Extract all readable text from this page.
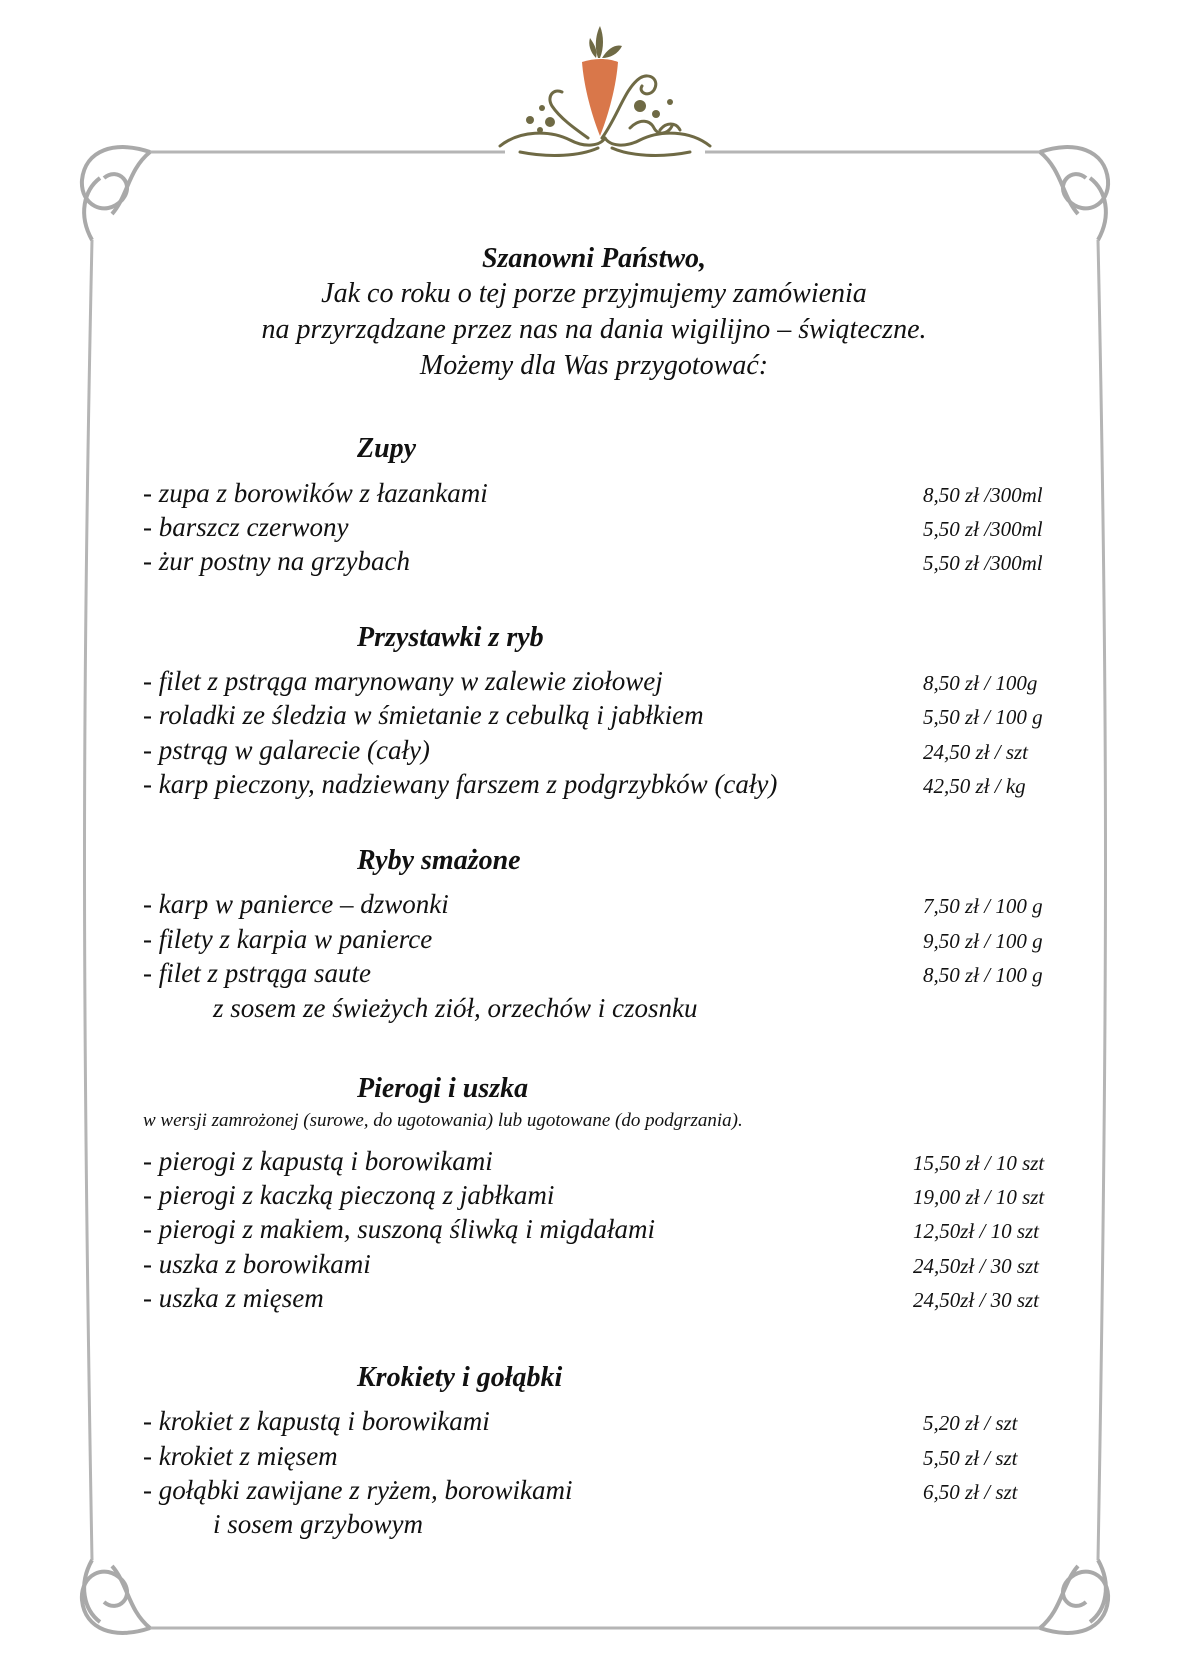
Szanowni Państwo,
Jak co roku o tej porze przyjmujemy zamówienia
na przyrządzane przez nas na dania wigilijno – świąteczne.
Możemy dla Was przygotować:
Zupy
- zupa z borowików z łazankami	8,50 zł /300ml
- barszcz czerwony	5,50 zł /300ml
- żur postny na grzybach	5,50 zł /300ml
Przystawki z ryb
- filet z pstrąga marynowany w zalewie ziołowej	8,50 zł / 100g
- roladki ze śledzia w śmietanie z cebulką i jabłkiem	5,50 zł / 100 g
- pstrąg w galarecie (cały)	24,50 zł / szt
- karp pieczony, nadziewany farszem z podgrzybków (cały)	42,50 zł / kg
Ryby smażone
- karp w panierce – dzwonki	7,50 zł / 100 g
- filety z karpia w panierce	9,50 zł / 100 g
- filet z pstrąga saute	8,50 zł / 100 g
z sosem ze świeżych ziół, orzechów i czosnku
Pierogi i uszka
w wersji zamrożonej (surowe, do ugotowania) lub ugotowane (do podgrzania).
- pierogi z kapustą i borowikami	15,50 zł / 10 szt
- pierogi z kaczką pieczoną z jabłkami	19,00 zł / 10 szt
- pierogi z makiem, suszoną śliwką i migdałami	12,50zł / 10 szt
- uszka z borowikami	24,50zł / 30 szt
- uszka z mięsem	24,50zł / 30 szt
Krokiety i gołąbki
- krokiet z kapustą i borowikami	5,20 zł / szt
- krokiet z mięsem	5,50 zł / szt
- gołąbki zawijane z ryżem, borowikami	6,50 zł / szt
i sosem grzybowym
